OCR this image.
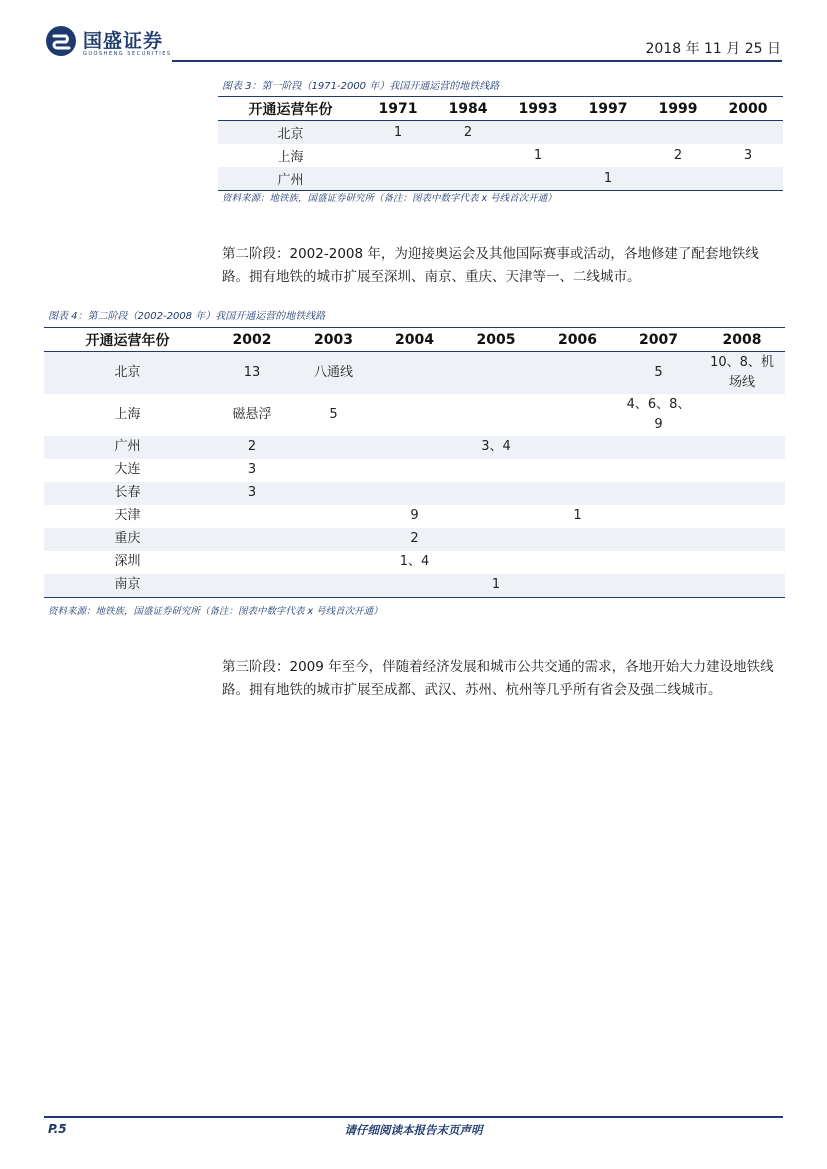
国盛证券
GUOSHENG SECURITIES	2018 年 11 月 25 日
图表 3：第一阶段（1971-2000 年）我国开通运营的地铁线路
开通运营年份	1971	1984	1993	1997	1999	2000
北京	1	2				
上海			1		2	3
广州				1		
资料来源：地铁族，国盛证券研究所（备注：图表中数字代表 x 号线首次开通）
第二阶段：2002-2008 年，为迎接奥运会及其他国际赛事或活动，各地修建了配套地铁线路。拥有地铁的城市扩展至深圳、南京、重庆、天津等一、二线城市。
图表 4：第二阶段（2002-2008 年）我国开通运营的地铁线路
开通运营年份	2002	2003	2004	2005	2006	2007	2008
北京	13	八通线				5	10、8、机场线
上海	磁悬浮	5				4、6、8、9	
广州	2			3、4			
大连	3						
长春	3						
天津			9		1		
重庆			2				
深圳			1、4				
南京				1			
资料来源：地铁族，国盛证券研究所（备注：图表中数字代表 x 号线首次开通）
第三阶段：2009 年至今，伴随着经济发展和城市公共交通的需求，各地开始大力建设地铁线路。拥有地铁的城市扩展至成都、武汉、苏州、杭州等几乎所有省会及强二线城市。
P.5	请仔细阅读本报告末页声明
